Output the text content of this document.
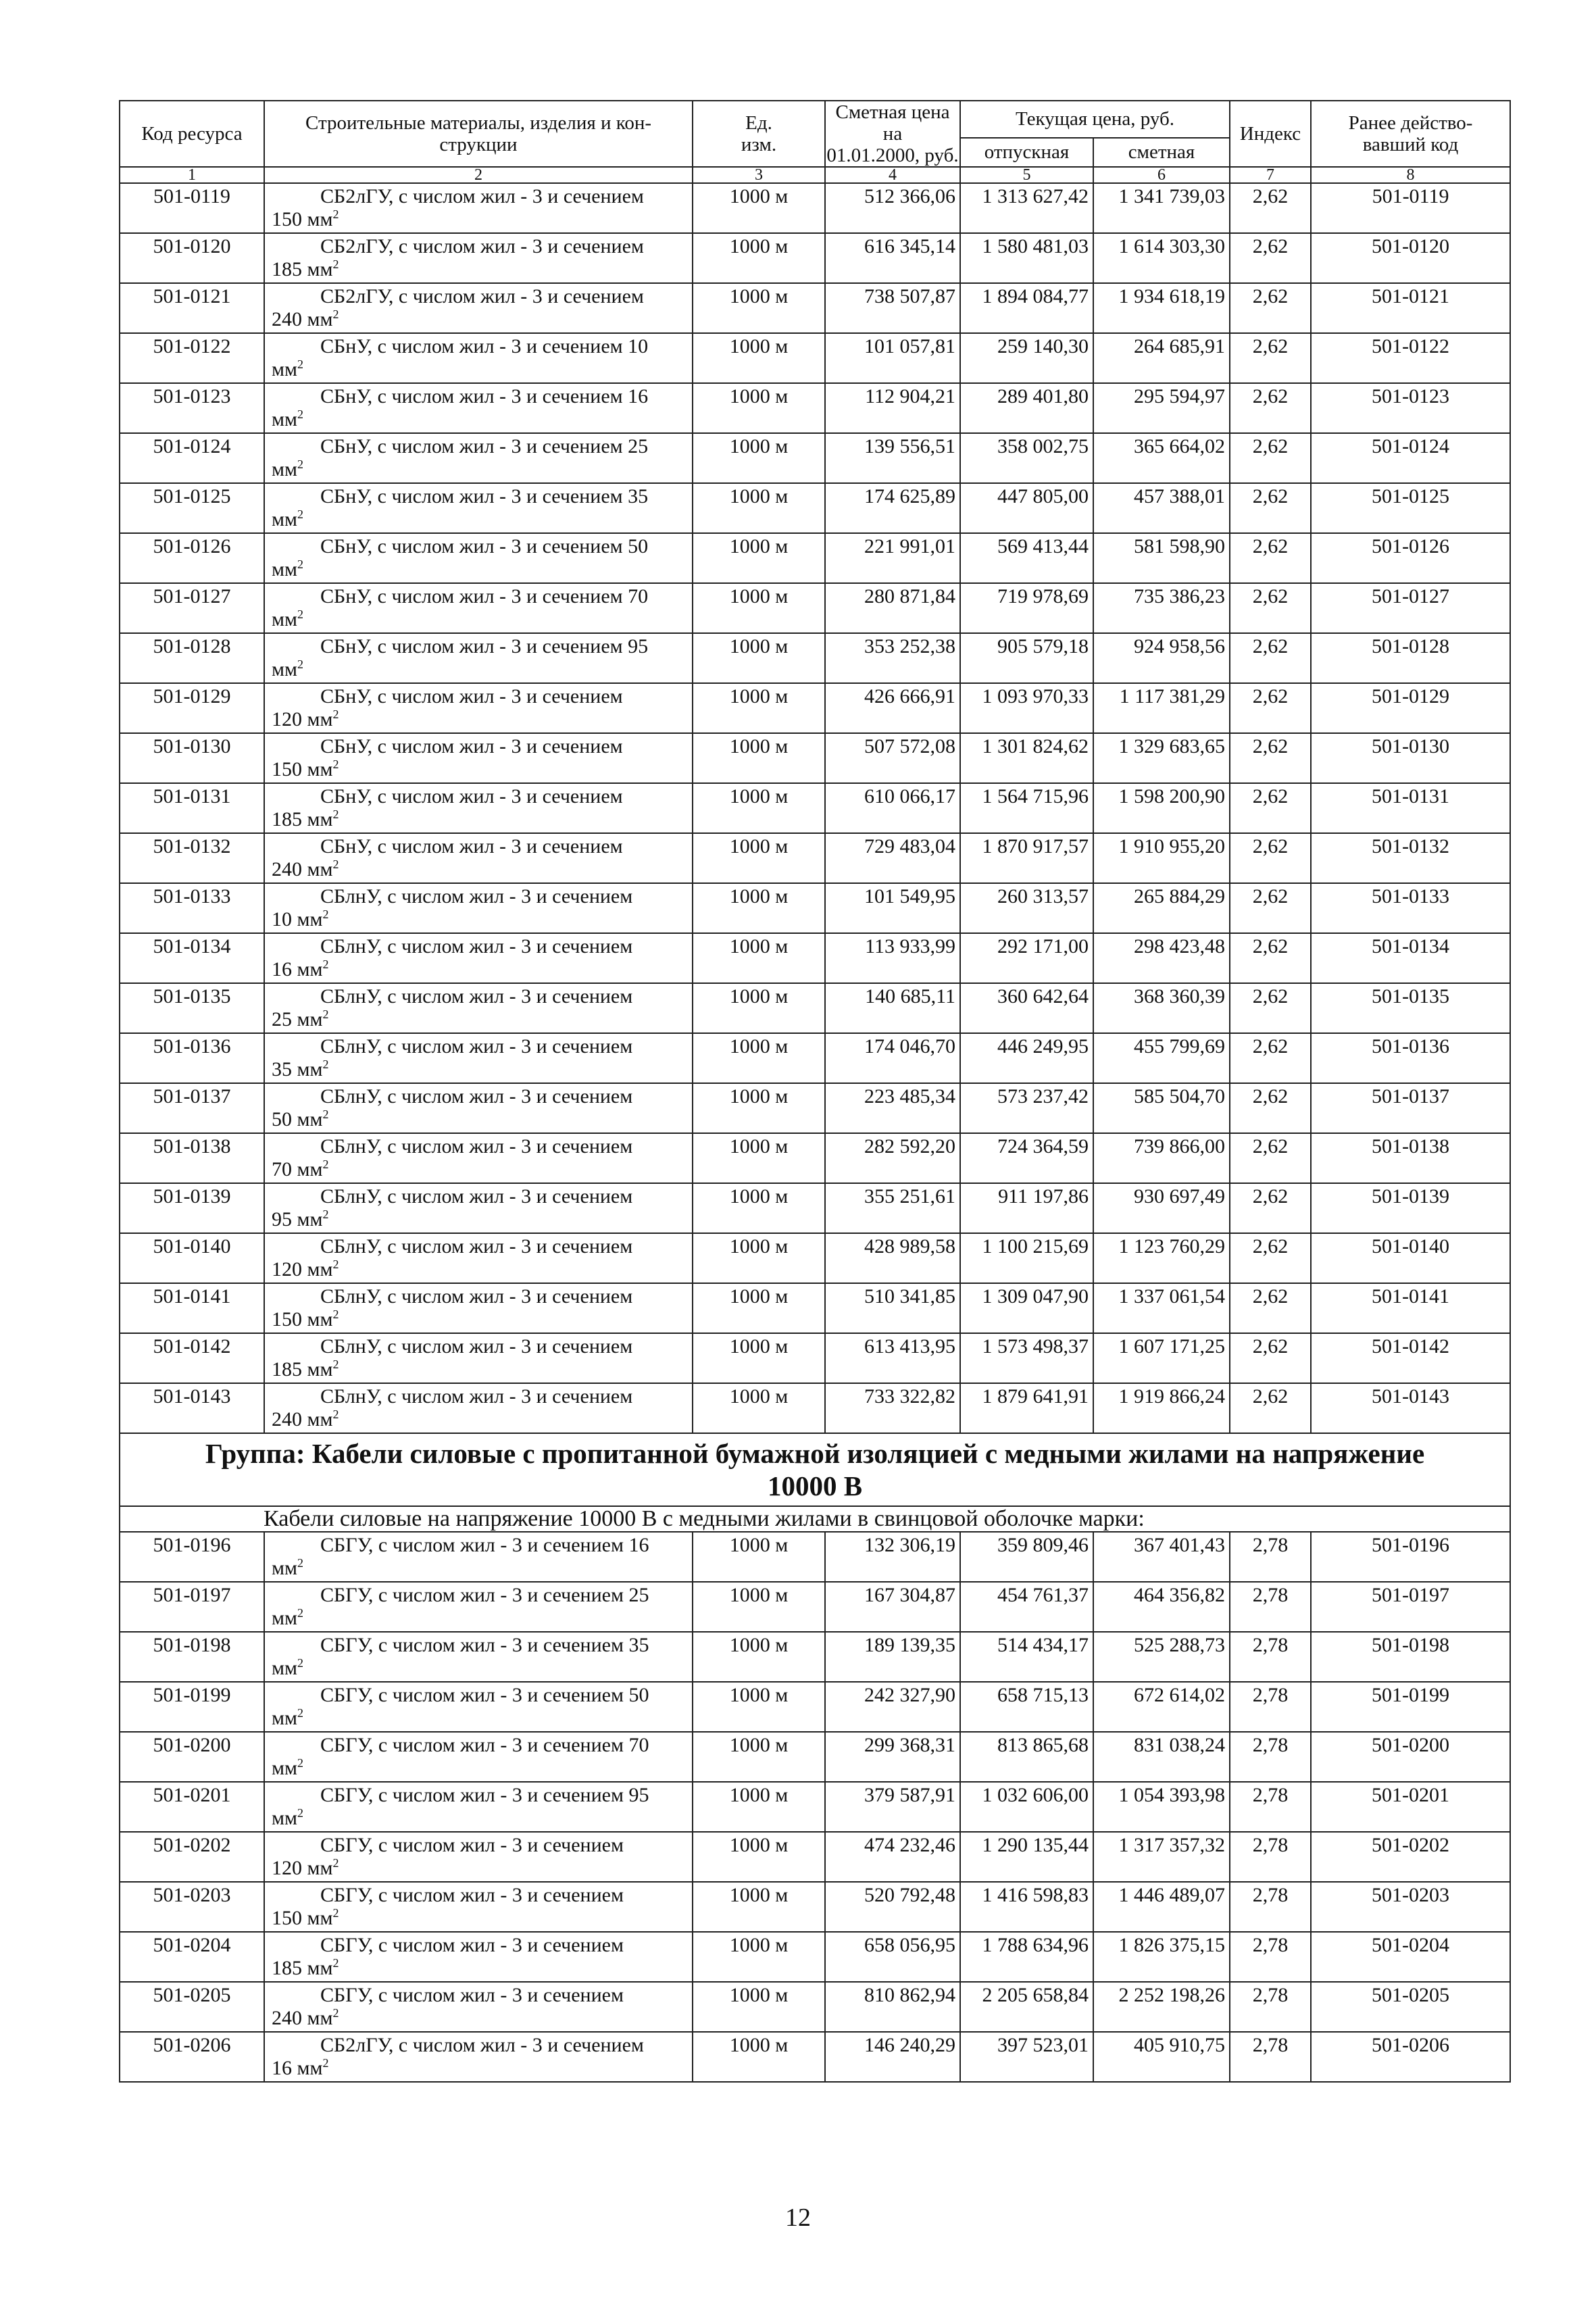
Код ресурса	Строительные материалы, изделия и кон-
струкции	Ед.
изм.	Сметная цена на
01.01.2000, руб.	Текущая цена, руб.		Индекс	Ранее действо-
вавший код
				отпускная	сметная		
1	2	3	4	5	6	7	8
501-0119	СБ2лГУ, с числом жил - 3 и сечением
150 $мм^2$	1000 м	512 366,06	1 313 627,42	1 341 739,03	2,62	501-0119
501-0120	СБ2лГУ, с числом жил - 3 и сечением
185 $мм^2$	1000 м	616 345,14	1 580 481,03	1 614 303,30	2,62	501-0120
501-0121	СБ2лГУ, с числом жил - 3 и сечением
240 $мм^2$	1000 м	738 507,87	1 894 084,77	1 934 618,19	2,62	501-0121
501-0122	СБнУ, с числом жил - 3 и сечением 10
$мм^2$	1000 м	101 057,81	259 140,30	264 685,91	2,62	501-0122
501-0123	СБнУ, с числом жил - 3 и сечением 16
$мм^2$	1000 м	112 904,21	289 401,80	295 594,97	2,62	501-0123
501-0124	СБнУ, с числом жил - 3 и сечением 25
$мм^2$	1000 м	139 556,51	358 002,75	365 664,02	2,62	501-0124
501-0125	СБнУ, с числом жил - 3 и сечением 35
$мм^2$	1000 м	174 625,89	447 805,00	457 388,01	2,62	501-0125
501-0126	СБнУ, с числом жил - 3 и сечением 50
$мм^2$	1000 м	221 991,01	569 413,44	581 598,90	2,62	501-0126
501-0127	СБнУ, с числом жил - 3 и сечением 70
$мм^2$	1000 м	280 871,84	719 978,69	735 386,23	2,62	501-0127
501-0128	СБнУ, с числом жил - 3 и сечением 95
$мм^2$	1000 м	353 252,38	905 579,18	924 958,56	2,62	501-0128
501-0129	СБнУ, с числом жил - 3 и сечением
120 $мм^2$	1000 м	426 666,91	1 093 970,33	1 117 381,29	2,62	501-0129
501-0130	СБнУ, с числом жил - 3 и сечением
150 $мм^2$	1000 м	507 572,08	1 301 824,62	1 329 683,65	2,62	501-0130
501-0131	СБнУ, с числом жил - 3 и сечением
185 $мм^2$	1000 м	610 066,17	1 564 715,96	1 598 200,90	2,62	501-0131
501-0132	СБнУ, с числом жил - 3 и сечением
240 $мм^2$	1000 м	729 483,04	1 870 917,57	1 910 955,20	2,62	501-0132
501-0133	СБлнУ, с числом жил - 3 и сечением
10 $мм^2$	1000 м	101 549,95	260 313,57	265 884,29	2,62	501-0133
501-0134	СБлнУ, с числом жил - 3 и сечением
16 $мм^2$	1000 м	113 933,99	292 171,00	298 423,48	2,62	501-0134
501-0135	СБлнУ, с числом жил - 3 и сечением
25 $мм^2$	1000 м	140 685,11	360 642,64	368 360,39	2,62	501-0135
501-0136	СБлнУ, с числом жил - 3 и сечением
35 $мм^2$	1000 м	174 046,70	446 249,95	455 799,69	2,62	501-0136
501-0137	СБлнУ, с числом жил - 3 и сечением
50 $мм^2$	1000 м	223 485,34	573 237,42	585 504,70	2,62	501-0137
501-0138	СБлнУ, с числом жил - 3 и сечением
70 $мм^2$	1000 м	282 592,20	724 364,59	739 866,00	2,62	501-0138
501-0139	СБлнУ, с числом жил - 3 и сечением
95 $мм^2$	1000 м	355 251,61	911 197,86	930 697,49	2,62	501-0139
501-0140	СБлнУ, с числом жил - 3 и сечением
120 $мм^2$	1000 м	428 989,58	1 100 215,69	1 123 760,29	2,62	501-0140
501-0141	СБлнУ, с числом жил - 3 и сечением
150 $мм^2$	1000 м	510 341,85	1 309 047,90	1 337 061,54	2,62	501-0141
501-0142	СБлнУ, с числом жил - 3 и сечением
185 $мм^2$	1000 м	613 413,95	1 573 498,37	1 607 171,25	2,62	501-0142
501-0143	СБлнУ, с числом жил - 3 и сечением
240 $мм^2$	1000 м	733 322,82	1 879 641,91	1 919 866,24	2,62	501-0143
Группа: Кабели силовые с пропитанной бумажной изоляцией с медными жилами на напряжение
10000 В							
Кабели силовые на напряжение 10000 В с медными жилами в свинцовой оболочке марки:							
501-0196	СБГУ, с числом жил - 3 и сечением 16
$мм^2$	1000 м	132 306,19	359 809,46	367 401,43	2,78	501-0196
501-0197	СБГУ, с числом жил - 3 и сечением 25
$мм^2$	1000 м	167 304,87	454 761,37	464 356,82	2,78	501-0197
501-0198	СБГУ, с числом жил - 3 и сечением 35
$мм^2$	1000 м	189 139,35	514 434,17	525 288,73	2,78	501-0198
501-0199	СБГУ, с числом жил - 3 и сечением 50
$мм^2$	1000 м	242 327,90	658 715,13	672 614,02	2,78	501-0199
501-0200	СБГУ, с числом жил - 3 и сечением 70
$мм^2$	1000 м	299 368,31	813 865,68	831 038,24	2,78	501-0200
501-0201	СБГУ, с числом жил - 3 и сечением 95
$мм^2$	1000 м	379 587,91	1 032 606,00	1 054 393,98	2,78	501-0201
501-0202	СБГУ, с числом жил - 3 и сечением
120 $мм^2$	1000 м	474 232,46	1 290 135,44	1 317 357,32	2,78	501-0202
501-0203	СБГУ, с числом жил - 3 и сечением
150 $мм^2$	1000 м	520 792,48	1 416 598,83	1 446 489,07	2,78	501-0203
501-0204	СБГУ, с числом жил - 3 и сечением
185 $мм^2$	1000 м	658 056,95	1 788 634,96	1 826 375,15	2,78	501-0204
501-0205	СБГУ, с числом жил - 3 и сечением
240 $мм^2$	1000 м	810 862,94	2 205 658,84	2 252 198,26	2,78	501-0205
501-0206	СБ2лГУ, с числом жил - 3 и сечением
16 $мм^2$	1000 м	146 240,29	397 523,01	405 910,75	2,78	501-0206
12
